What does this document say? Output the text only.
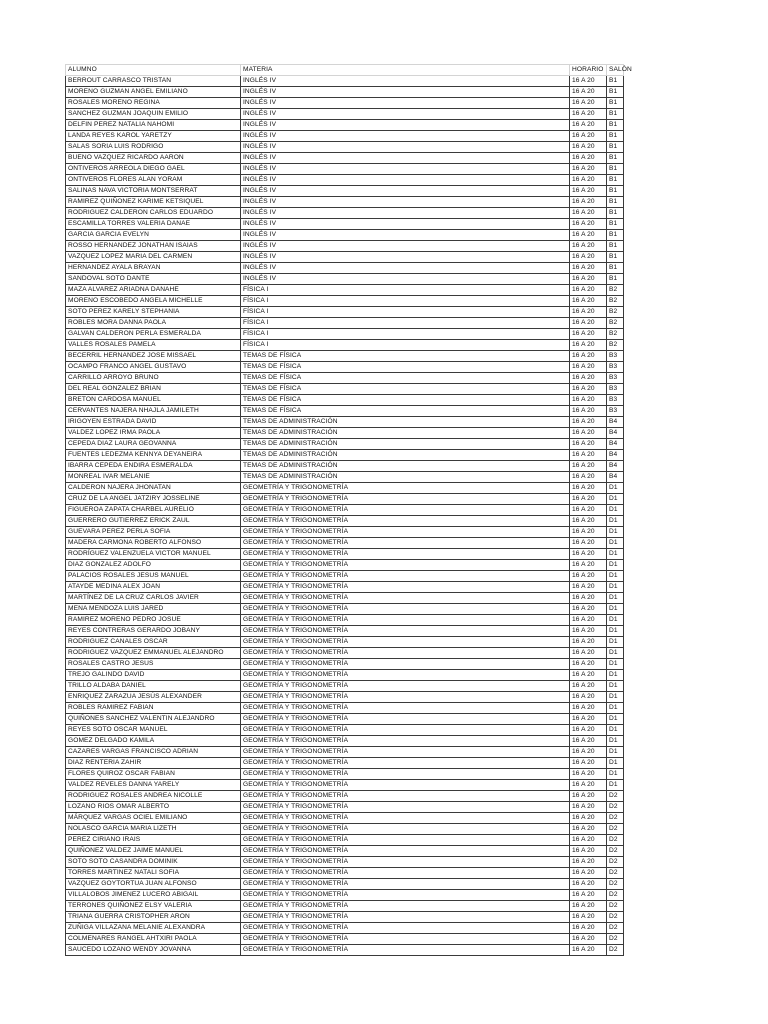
ALUMNO	MATERIA	HORARIO	SALÓN
BERROUT CARRASCO TRISTAN	INGLÉS IV	16 A 20	B1
MORENO GUZMAN ANGEL EMILIANO	INGLÉS IV	16 A 20	B1
ROSALES MORENO REGINA	INGLÉS IV	16 A 20	B1
SANCHEZ GUZMAN JOAQUIN EMILIO	INGLÉS IV	16 A 20	B1
DELFIN PEREZ NATALIA NAHOMI	INGLÉS IV	16 A 20	B1
LANDA REYES KAROL YARETZY	INGLÉS IV	16 A 20	B1
SALAS SORIA LUIS RODRIGO	INGLÉS IV	16 A 20	B1
BUENO VAZQUEZ RICARDO AARON	INGLÉS IV	16 A 20	B1
ONTIVEROS ARREOLA DIEGO GAEL	INGLÉS IV	16 A 20	B1
ONTIVEROS FLORES ALAN YORAM	INGLÉS IV	16 A 20	B1
SALINAS NAVA VICTORIA MONTSERRAT	INGLÉS IV	16 A 20	B1
RAMIREZ QUIÑONEZ KARIME KETSIQUEL	INGLÉS IV	16 A 20	B1
RODRIGUEZ CALDERON CARLOS EDUARDO	INGLÉS IV	16 A 20	B1
ESCAMILLA TORRES VALERIA DANAE	INGLÉS IV	16 A 20	B1
GARCIA GARCIA EVELYN	INGLÉS IV	16 A 20	B1
ROSSO HERNANDEZ JONATHAN ISAIAS	INGLÉS IV	16 A 20	B1
VAZQUEZ LOPEZ MARIA DEL CARMEN	INGLÉS IV	16 A 20	B1
HERNANDEZ AYALA BRAYAN	INGLÉS IV	16 A 20	B1
SANDOVAL SOTO DANTE	INGLÉS IV	16 A 20	B1
MAZA ALVAREZ ARIADNA DANAHE	FÍSICA I	16 A 20	B2
MORENO ESCOBEDO ANGELA MICHELLE	FÍSICA I	16 A 20	B2
SOTO PEREZ KARELY STEPHANIA	FÍSICA I	16 A 20	B2
ROBLES MORA DANNA PAOLA	FÍSICA I	16 A 20	B2
GALVAN CALDERON PERLA ESMERALDA	FÍSICA I	16 A 20	B2
VALLES ROSALES PAMELA	FÍSICA I	16 A 20	B2
BECERRIL HERNANDEZ JOSE MISSAEL	TEMAS DE FÍSICA	16 A 20	B3
OCAMPO FRANCO ANGEL GUSTAVO	TEMAS DE FÍSICA	16 A 20	B3
CARRILLO ARROYO BRUNO	TEMAS DE FÍSICA	16 A 20	B3
DEL REAL GONZALEZ BRIAN	TEMAS DE FÍSICA	16 A 20	B3
BRETON CARDOSA MANUEL	TEMAS DE FÍSICA	16 A 20	B3
CERVANTES NAJERA NHAJLA JAMILETH	TEMAS DE FÍSICA	16 A 20	B3
IRIGOYEN ESTRADA DAVID	TEMAS DE ADMINISTRACIÓN	16 A 20	B4
VALDEZ LOPEZ IRMA PAOLA	TEMAS DE ADMINISTRACIÓN	16 A 20	B4
CEPEDA DIAZ LAURA GEOVANNA	TEMAS DE ADMINISTRACIÓN	16 A 20	B4
FUENTES LEDEZMA KENNYA DEYANEIRA	TEMAS DE ADMINISTRACIÓN	16 A 20	B4
IBARRA CEPEDA ENDIRA ESMERALDA	TEMAS DE ADMINISTRACIÓN	16 A 20	B4
MONREAL IVAR MELANIE	TEMAS DE ADMINISTRACIÓN	16 A 20	B4
CALDERON NAJERA JHONATAN	GEOMETRÍA Y TRIGONOMETRÍA	16 A 20	D1
CRUZ DE LA ANGEL JATZIRY JOSSELINE	GEOMETRÍA Y TRIGONOMETRÍA	16 A 20	D1
FIGUEROA ZAPATA CHARBEL AURELIO	GEOMETRÍA Y TRIGONOMETRÍA	16 A 20	D1
GUERRERO GUTIERREZ ERICK ZAUL	GEOMETRÍA Y TRIGONOMETRÍA	16 A 20	D1
GUEVARA PEREZ PERLA SOFIA	GEOMETRÍA Y TRIGONOMETRÍA	16 A 20	D1
MADERA CARMONA ROBERTO ALFONSO	GEOMETRÍA Y TRIGONOMETRÍA	16 A 20	D1
RODRÍGUEZ VALENZUELA VICTOR MANUEL	GEOMETRÍA Y TRIGONOMETRÍA	16 A 20	D1
DIAZ GONZALEZ ADOLFO	GEOMETRÍA Y TRIGONOMETRÍA	16 A 20	D1
PALACIOS ROSALES JESUS MANUEL	GEOMETRÍA Y TRIGONOMETRÍA	16 A 20	D1
ATAYDE MEDINA ALEX JOAN	GEOMETRÍA Y TRIGONOMETRÍA	16 A 20	D1
MARTÍNEZ DE LA CRUZ CARLOS JAVIER	GEOMETRÍA Y TRIGONOMETRÍA	16 A 20	D1
MENA MENDOZA LUIS JARED	GEOMETRÍA Y TRIGONOMETRÍA	16 A 20	D1
RAMIREZ MORENO PEDRO JOSUE	GEOMETRÍA Y TRIGONOMETRÍA	16 A 20	D1
REYES CONTRERAS GERARDO JOBANY	GEOMETRÍA Y TRIGONOMETRÍA	16 A 20	D1
RODRIGUEZ CANALES OSCAR	GEOMETRÍA Y TRIGONOMETRÍA	16 A 20	D1
RODRIGUEZ VAZQUEZ EMMANUEL ALEJANDRO	GEOMETRÍA Y TRIGONOMETRÍA	16 A 20	D1
ROSALES CASTRO JESUS	GEOMETRÍA Y TRIGONOMETRÍA	16 A 20	D1
TREJO GALINDO DAVID	GEOMETRÍA Y TRIGONOMETRÍA	16 A 20	D1
TRILLO ALDABA DANIEL	GEOMETRÍA Y TRIGONOMETRÍA	16 A 20	D1
ENRIQUEZ ZARAZUA JESÚS ALEXANDER	GEOMETRÍA Y TRIGONOMETRÍA	16 A 20	D1
ROBLES RAMIREZ FABIAN	GEOMETRÍA Y TRIGONOMETRÍA	16 A 20	D1
QUIÑONES SANCHEZ VALENTIN ALEJANDRO	GEOMETRÍA Y TRIGONOMETRÍA	16 A 20	D1
REYES SOTO OSCAR MANUEL	GEOMETRÍA Y TRIGONOMETRÍA	16 A 20	D1
GOMEZ DELGADO KAMILA	GEOMETRÍA Y TRIGONOMETRÍA	16 A 20	D1
CAZARES VARGAS FRANCISCO ADRIAN	GEOMETRÍA Y TRIGONOMETRÍA	16 A 20	D1
DIAZ RENTERIA ZAHIR	GEOMETRÍA Y TRIGONOMETRÍA	16 A 20	D1
FLORES QUIROZ OSCAR FABIAN	GEOMETRÍA Y TRIGONOMETRÍA	16 A 20	D1
VALDEZ REVELES DANNA YARELY	GEOMETRÍA Y TRIGONOMETRÍA	16 A 20	D1
RODRIGUEZ ROSALES ANDREA NICOLLE	GEOMETRÍA Y TRIGONOMETRÍA	16 A 20	D2
LOZANO RIOS OMAR ALBERTO	GEOMETRÍA Y TRIGONOMETRÍA	16 A 20	D2
MÁRQUEZ VARGAS OCIEL EMILIANO	GEOMETRÍA Y TRIGONOMETRÍA	16 A 20	D2
NOLASCO GARCIA MARIA LIZETH	GEOMETRÍA Y TRIGONOMETRÍA	16 A 20	D2
PEREZ CIRIANO IRAIS	GEOMETRÍA Y TRIGONOMETRÍA	16 A 20	D2
QUIÑONEZ VALDEZ JAIME MANUEL	GEOMETRÍA Y TRIGONOMETRÍA	16 A 20	D2
SOTO SOTO CASANDRA DOMINIK	GEOMETRÍA Y TRIGONOMETRÍA	16 A 20	D2
TORRES MARTINEZ NATALI SOFIA	GEOMETRÍA Y TRIGONOMETRÍA	16 A 20	D2
VAZQUEZ GOYTORTUA JUAN ALFONSO	GEOMETRÍA Y TRIGONOMETRÍA	16 A 20	D2
VILLALOBOS JIMENEZ LUCERO ABIGAIL	GEOMETRÍA Y TRIGONOMETRÍA	16 A 20	D2
TERRONES QUIÑONEZ ELSY VALERIA	GEOMETRÍA Y TRIGONOMETRÍA	16 A 20	D2
TRIANA GUERRA CRISTOPHER ARON	GEOMETRÍA Y TRIGONOMETRÍA	16 A 20	D2
ZUÑIGA VILLAZANA MELANIE ALEXANDRA	GEOMETRÍA Y TRIGONOMETRÍA	16 A 20	D2
COLMENARES RANGEL AHTXIRI PAOLA	GEOMETRÍA Y TRIGONOMETRÍA	16 A 20	D2
SAUCEDO LOZANO WENDY JOVANNA	GEOMETRÍA Y TRIGONOMETRÍA	16 A 20	D2
